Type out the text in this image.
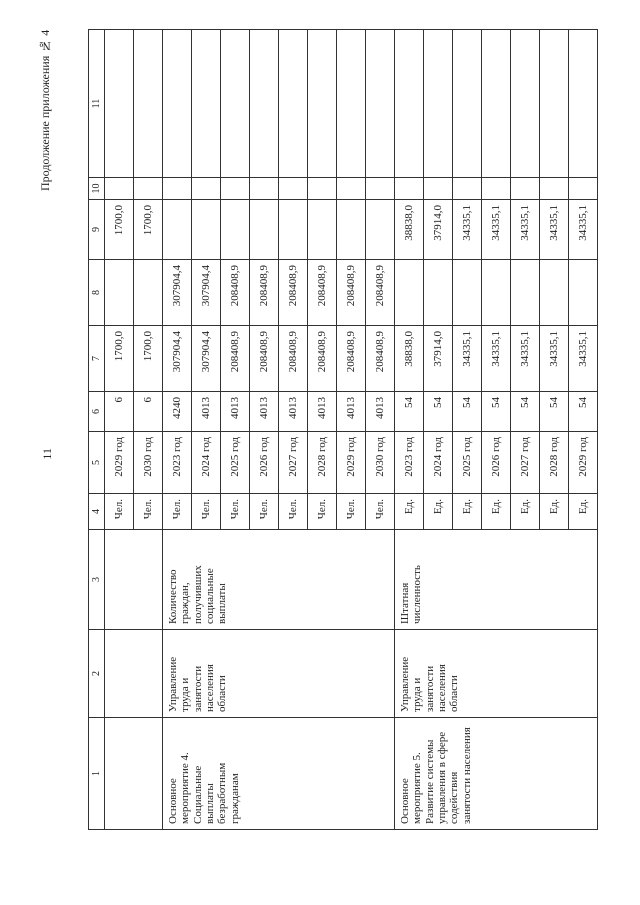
Продолжение приложения № 4
11
1	2	3	4	5	6	7	8	9	10	11
			Чел.	2029 год	6	1700,0		1700,0		
			Чел.	2030 год	6	1700,0		1700,0		
Основное мероприятие 4. Социальные выплаты безработным гражданам	Управление труда и занятости населения области	Количество граждан, получивших социальные выплаты	Чел.	2023 год	4240	307904,4	307904,4			
			Чел.	2024 год	4013	307904,4	307904,4			
			Чел.	2025 год	4013	208408,9	208408,9			
			Чел.	2026 год	4013	208408,9	208408,9			
			Чел.	2027 год	4013	208408,9	208408,9			
			Чел.	2028 год	4013	208408,9	208408,9			
			Чел.	2029 год	4013	208408,9	208408,9			
			Чел.	2030 год	4013	208408,9	208408,9			
Основное мероприятие 5. Развитие системы управления в сфере содействия занятости населения	Управление труда и занятости населения области	Штатная численность	Ед.	2023 год	54	38838,0		38838,0		
			Ед.	2024 год	54	37914,0		37914,0		
			Ед.	2025 год	54	34335,1		34335,1		
			Ед.	2026 год	54	34335,1		34335,1		
			Ед.	2027 год	54	34335,1		34335,1		
			Ед.	2028 год	54	34335,1		34335,1		
			Ед.	2029 год	54	34335,1		34335,1		
